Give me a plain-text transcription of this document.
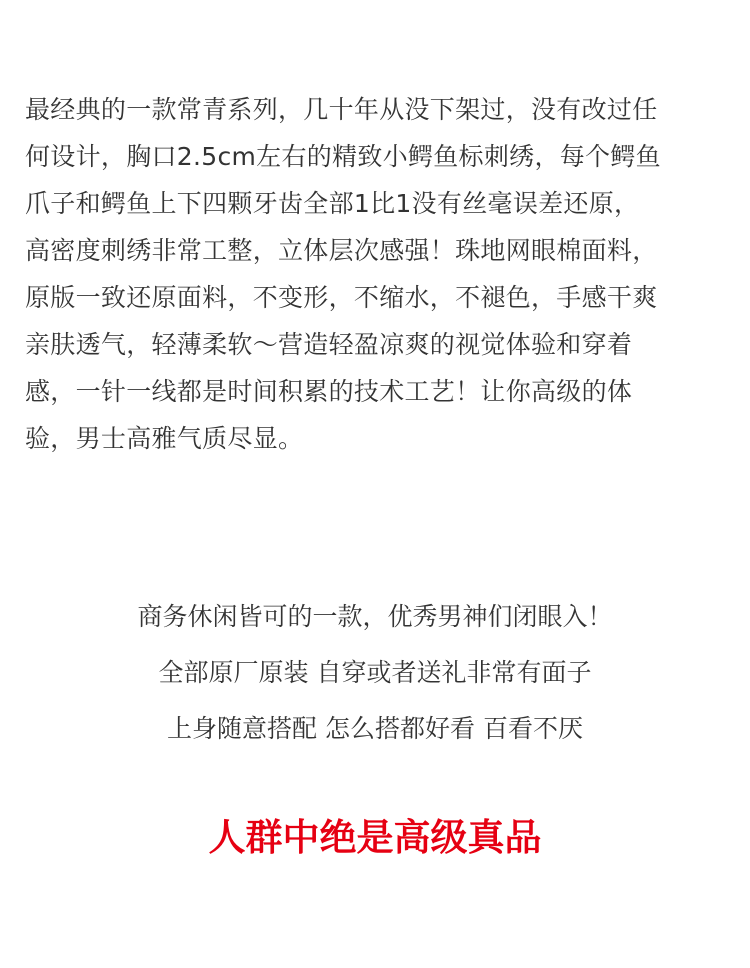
最经典的一款常青系列，几十年从没下架过，没有改过任
何设计，胸口2.5cm左右的精致小鳄鱼标刺绣，每个鳄鱼
爪子和鳄鱼上下四颗牙齿全部1比1没有丝毫误差还原，
高密度刺绣非常工整，立体层次感强！珠地网眼棉面料，
原版一致还原面料，不变形，不缩水，不褪色，手感干爽
亲肤透气，轻薄柔软～营造轻盈凉爽的视觉体验和穿着
感，一针一线都是时间积累的技术工艺！让你高级的体
验，男士高雅气质尽显。
商务休闲皆可的一款，优秀男神们闭眼入！
全部原厂原装 自穿或者送礼非常有面子
上身随意搭配 怎么搭都好看 百看不厌
人群中绝是高级真品
